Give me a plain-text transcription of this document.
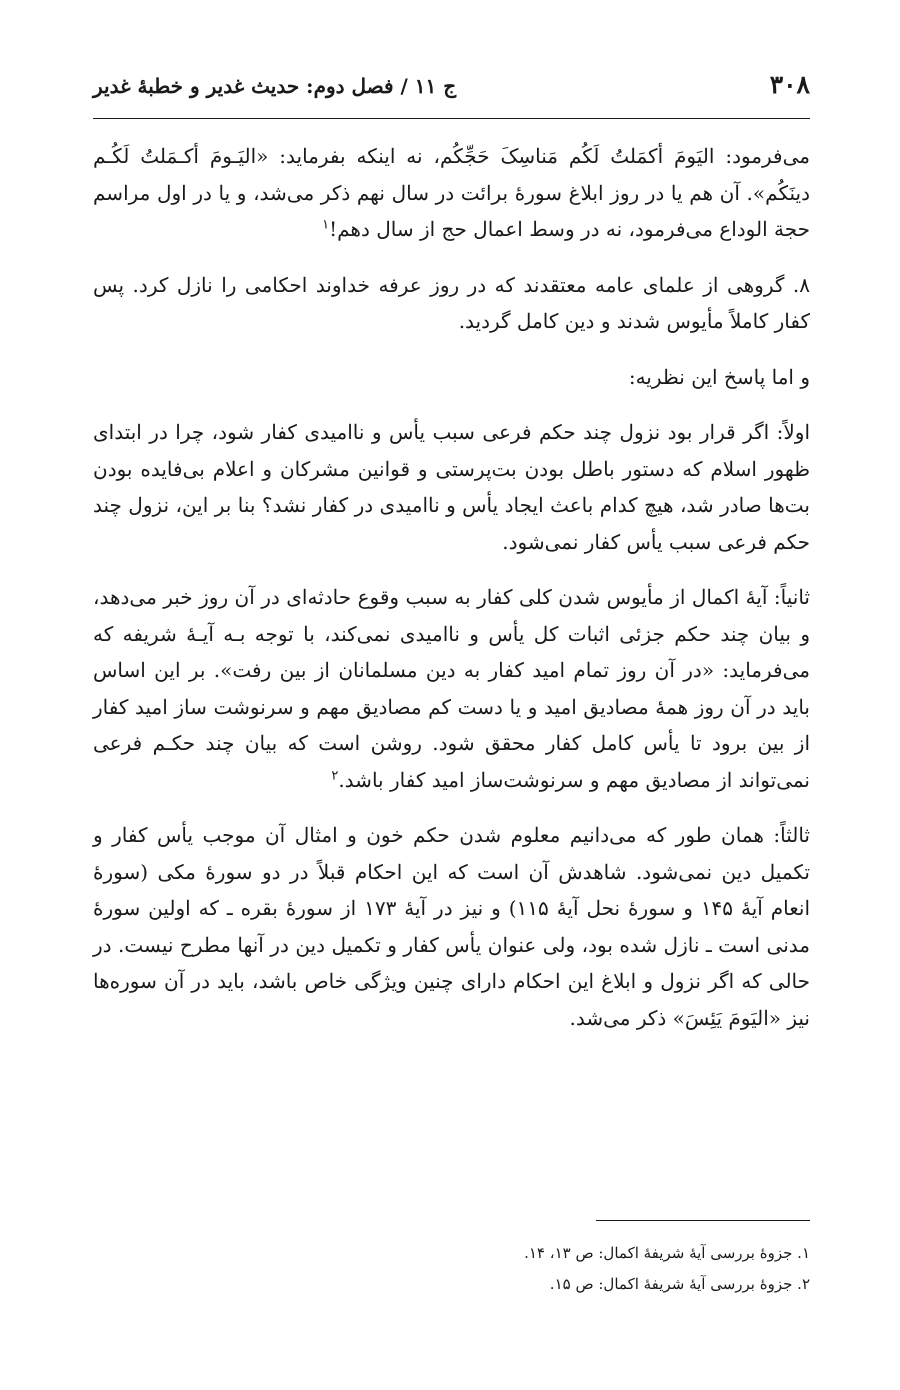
۳۰۸
ج ۱۱ / فصل دوم: حدیث غدیر و خطبهٔ غدیر

می‌فرمود: الیَومَ أکمَلتُ لَکُم مَناسِکَ حَجِّکُم، نه اینکه بفرماید: «الیَـومَ أکـمَلتُ لَکُـم دینَکُم». آن هم یا در روز ابلاغ سورهٔ برائت در سال نهم ذکر می‌شد، و یا در اول مراسم حجة الوداع می‌فرمود، نه در وسط اعمال حج از سال دهم!$^۱$

۸. گروهی از علمای عامه معتقدند که در روز عرفه خداوند احکامی را نازل کرد. پس کفار کاملاً مأیوس شدند و دین کامل گردید.

و اما پاسخ این نظریه:

اولاً: اگر قرار بود نزول چند حکم فرعی سبب یأس و ناامیدی کفار شود، چرا در ابتدای ظهور اسلام که دستور باطل بودن بت‌پرستی و قوانین مشرکان و اعلام بی‌فایده بودن بت‌ها صادر شد، هیچ کدام باعث ایجاد یأس و ناامیدی در کفار نشد؟ بنا بر این، نزول چند حکم فرعی سبب یأس کفار نمی‌شود.

ثانیاً: آیهٔ اکمال از مأیوس شدن کلی کفار به سبب وقوع حادثه‌ای در آن روز خبر می‌دهد، و بیان چند حکم جزئی اثبات کل یأس و ناامیدی نمی‌کند، با توجه بـه آیـهٔ شریفه که می‌فرماید: «در آن روز تمام امید کفار به دین مسلمانان از بین رفت». بر این اساس باید در آن روز همهٔ مصادیق امید و یا دست کم مصادیق مهم و سرنوشت ساز امید کفار از بین برود تا یأس کامل کفار محقق شود. روشن است که بیان چند حکـم فرعی نمی‌تواند از مصادیق مهم و سرنوشت‌ساز امید کفار باشد.$^۲$

ثالثاً: همان طور که می‌دانیم معلوم شدن حکم خون و امثال آن موجب یأس کفار و تکمیل دین نمی‌شود. شاهدش آن است که این احکام قبلاً در دو سورهٔ مکی (سورهٔ انعام آیهٔ ۱۴۵ و سورهٔ نحل آیهٔ ۱۱۵) و نیز در آیهٔ ۱۷۳ از سورهٔ بقره ـ که اولین سورهٔ مدنی است ـ نازل شده بود، ولی عنوان یأس کفار و تکمیل دین در آنها مطرح نیست. در حالی که اگر نزول و ابلاغ این احکام دارای چنین ویژگی خاص باشد، باید در آن سوره‌ها نیز «الیَومَ یَئِسَ» ذکر می‌شد.

۱. جزوهٔ بررسی آیهٔ شریفهٔ اکمال: ص ۱۳، ۱۴.
۲. جزوهٔ بررسی آیهٔ شریفهٔ اکمال: ص ۱۵.
